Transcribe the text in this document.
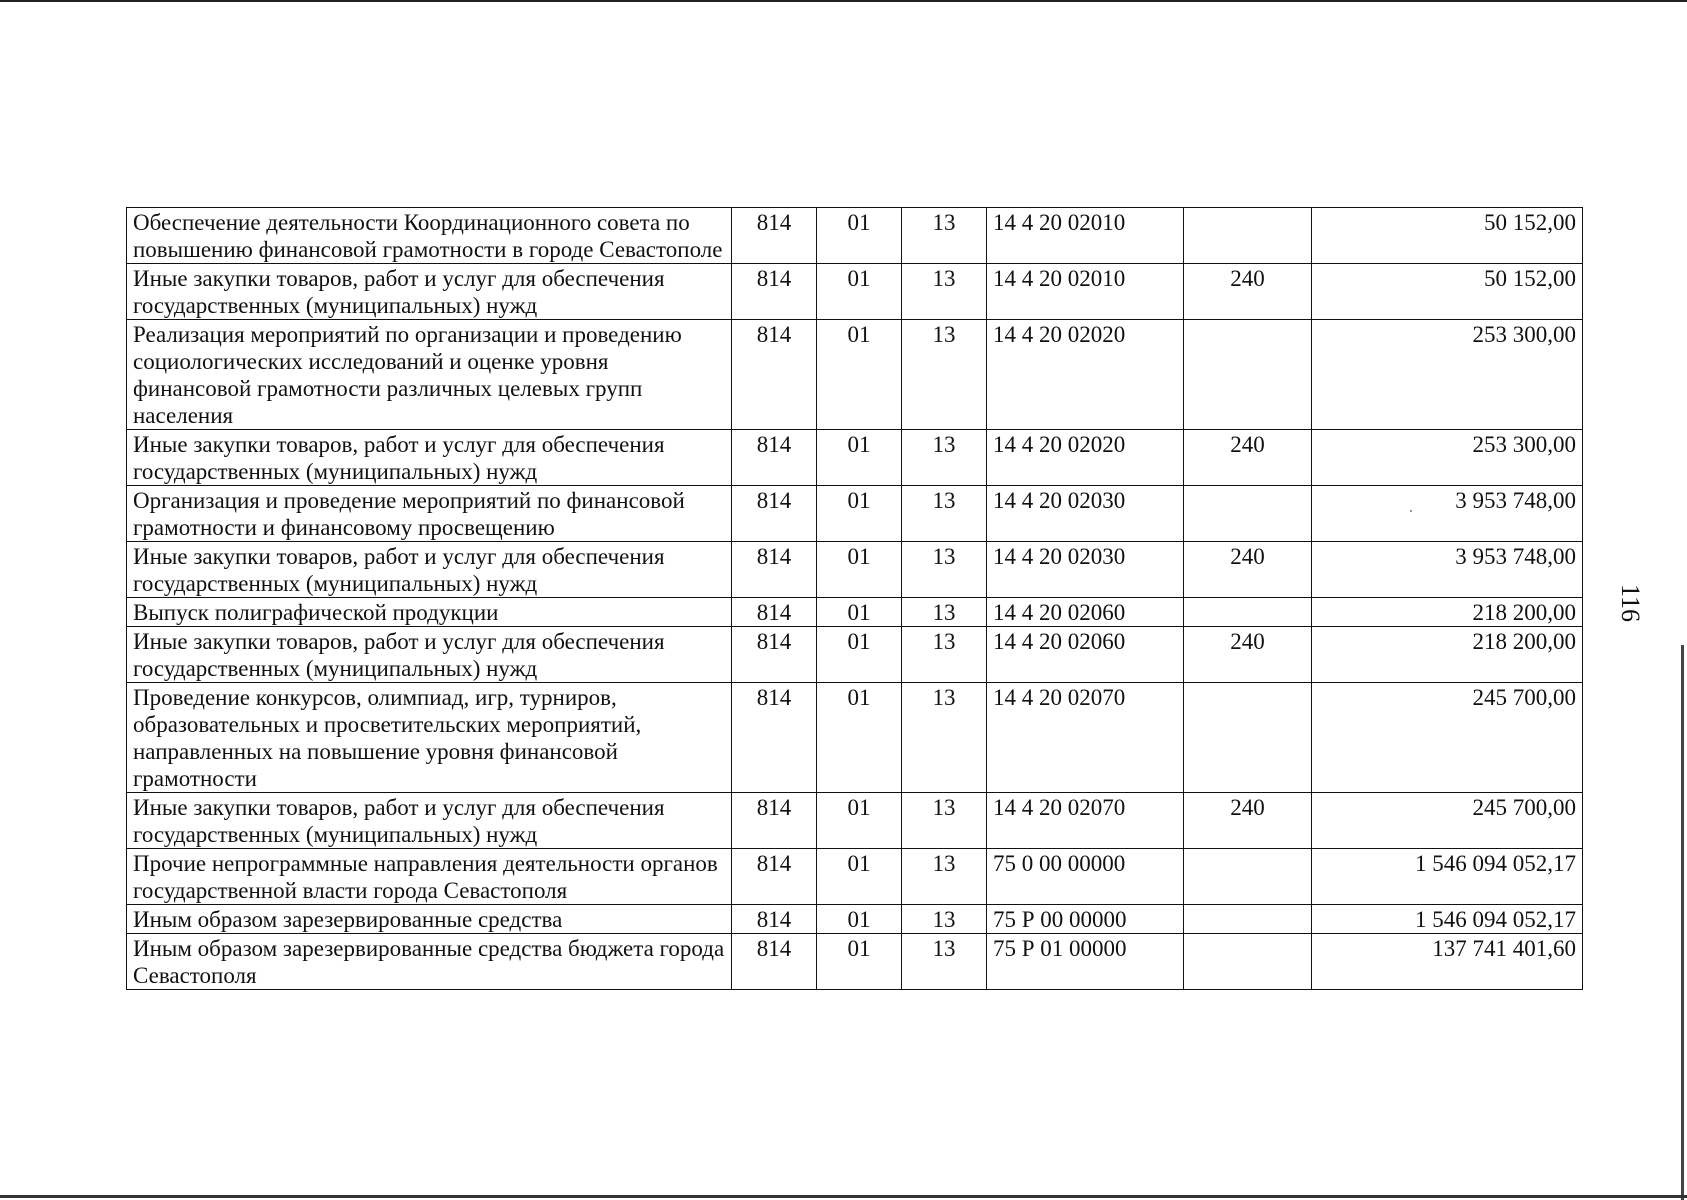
Обеспечение деятельности Координационного совета по повышению финансовой грамотности в городе Севастополе	814	01	13	14 4 20 02010		50 152,00
Иные закупки товаров, работ и услуг для обеспечения государственных (муниципальных) нужд	814	01	13	14 4 20 02010	240	50 152,00
Реализация мероприятий по организации и проведению социологических исследований и оценке уровня финансовой грамотности различных целевых групп населения	814	01	13	14 4 20 02020		253 300,00
Иные закупки товаров, работ и услуг для обеспечения государственных (муниципальных) нужд	814	01	13	14 4 20 02020	240	253 300,00
Организация и проведение мероприятий по финансовой грамотности и финансовому просвещению	814	01	13	14 4 20 02030		3 953 748,00
Иные закупки товаров, работ и услуг для обеспечения государственных (муниципальных) нужд	814	01	13	14 4 20 02030	240	3 953 748,00
Выпуск полиграфической продукции	814	01	13	14 4 20 02060		218 200,00
Иные закупки товаров, работ и услуг для обеспечения государственных (муниципальных) нужд	814	01	13	14 4 20 02060	240	218 200,00
Проведение конкурсов, олимпиад, игр, турниров, образовательных и просветительских мероприятий, направленных на повышение уровня финансовой грамотности	814	01	13	14 4 20 02070		245 700,00
Иные закупки товаров, работ и услуг для обеспечения государственных (муниципальных) нужд	814	01	13	14 4 20 02070	240	245 700,00
Прочие непрограммные направления деятельности органов государственной власти города Севастополя	814	01	13	75 0 00 00000		1 546 094 052,17
Иным образом зарезервированные средства	814	01	13	75 Р 00 00000		1 546 094 052,17
Иным образом зарезервированные средства бюджета города Севастополя	814	01	13	75 Р 01 00000		137 741 401,60
116
